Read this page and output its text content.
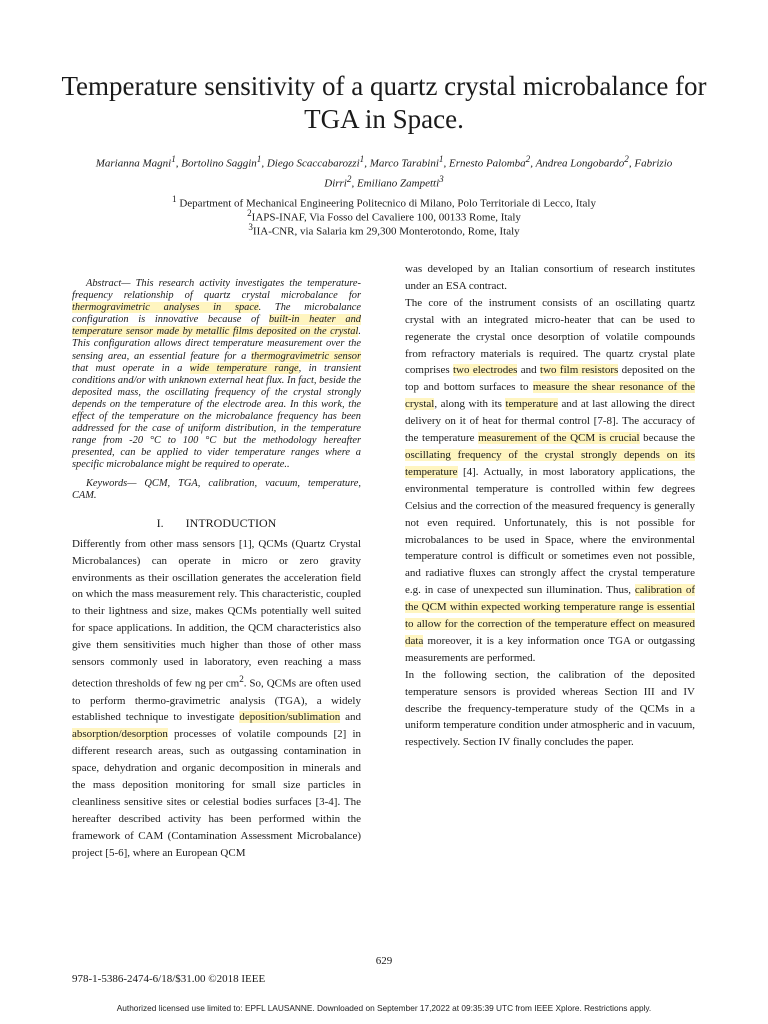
Temperature sensitivity of a quartz crystal microbalance for TGA in Space.
Marianna Magni$^1$, Bortolino Saggin$^1$, Diego Scaccabarozzi$^1$, Marco Tarabini$^1$, Ernesto Palomba$^2$, Andrea Longobardo$^2$, Fabrizio Dirri$^2$, Emiliano Zampetti$^3$
$^1$ Department of Mechanical Engineering Politecnico di Milano, Polo Territoriale di Lecco, Italy
$^2$IAPS-INAF, Via Fosso del Cavaliere 100, 00133 Rome, Italy
$^3$IIA-CNR, via Salaria km 29,300 Monterotondo, Rome, Italy

Abstract— This research activity investigates the temperature-frequency relationship of quartz crystal microbalance for thermogravimetric analyses in space. The microbalance configuration is innovative because of built-in heater and temperature sensor made by metallic films deposited on the crystal. This configuration allows direct temperature measurement over the sensing area, an essential feature for a thermogravimetric sensor that must operate in a wide temperature range, in transient conditions and/or with unknown external heat flux. In fact, beside the deposited mass, the oscillating frequency of the crystal strongly depends on the temperature of the electrode area. In this work, the effect of the temperature on the microbalance frequency has been addressed for the case of uniform distribution, in the temperature range from -20 °C to 100 °C but the methodology hereafter presented, can be applied to vider temperature ranges where a specific microbalance might be required to operate..

Keywords— QCM, TGA, calibration, vacuum, temperature, CAM.

I. INTRODUCTION

Differently from other mass sensors [1], QCMs (Quartz Crystal Microbalances) can operate in micro or zero gravity environments as their oscillation generates the acceleration field on which the mass measurement rely. This characteristic, coupled to their lightness and size, makes QCMs potentially well suited for space applications. In addition, the QCM characteristics also give them sensitivities much higher than those of other mass sensors commonly used in laboratory, even reaching a mass detection thresholds of few ng per $cm^2$. So, QCMs are often used to perform thermo-gravimetric analysis (TGA), a widely established technique to investigate deposition/sublimation and absorption/desorption processes of volatile compounds [2] in different research areas, such as outgassing contamination in space, dehydration and organic decomposition in minerals and the mass deposition monitoring for small size particles in cleanliness sensitive sites or celestial bodies surfaces [3-4]. The hereafter described activity has been performed within the framework of CAM (Contamination Assessment Microbalance) project [5-6], where an European QCM

was developed by an Italian consortium of research institutes under an ESA contract.

The core of the instrument consists of an oscillating quartz crystal with an integrated micro-heater that can be used to regenerate the crystal once desorption of volatile compounds from refractory materials is required. The quartz crystal plate comprises two electrodes and two film resistors deposited on the top and bottom surfaces to measure the shear resonance of the crystal, along with its temperature and at last allowing the direct delivery on it of heat for thermal control [7-8]. The accuracy of the temperature measurement of the QCM is crucial because the oscillating frequency of the crystal strongly depends on its temperature [4]. Actually, in most laboratory applications, the environmental temperature is controlled within few degrees Celsius and the correction of the measured frequency is generally not even required. Unfortunately, this is not possible for microbalances to be used in Space, where the environmental temperature control is difficult or sometimes even not possible, and radiative fluxes can strongly affect the crystal temperature e.g. in case of unexpected sun illumination. Thus, calibration of the QCM within expected working temperature range is essential to allow for the correction of the temperature effect on measured data moreover, it is a key information once TGA or outgassing measurements are performed.

In the following section, the calibration of the deposited temperature sensors is provided whereas Section III and IV describe the frequency-temperature study of the QCMs in a uniform temperature condition under atmospheric and in vacuum, respectively. Section IV finally concludes the paper.

629
978-1-5386-2474-6/18/$31.00 ©2018 IEEE
Authorized licensed use limited to: EPFL LAUSANNE. Downloaded on September 17,2022 at 09:35:39 UTC from IEEE Xplore. Restrictions apply.
